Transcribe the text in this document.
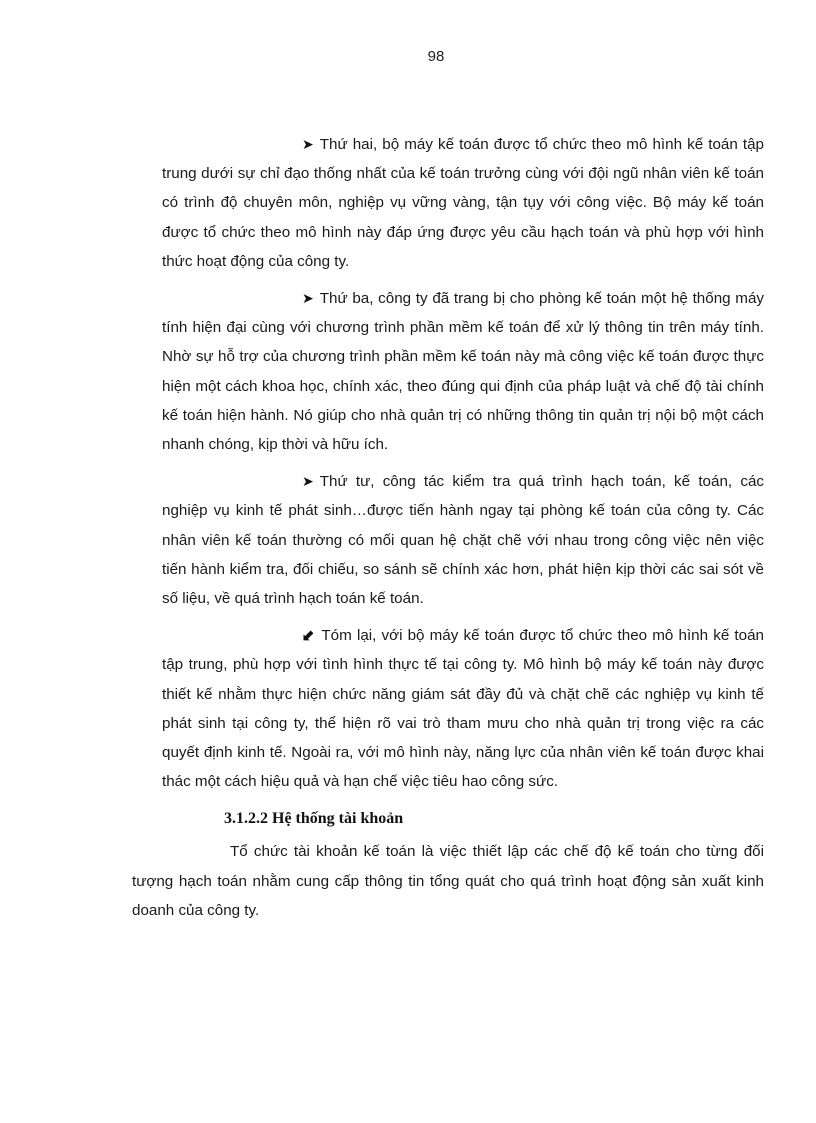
98

➤ Thứ hai, bộ máy kế toán được tổ chức theo mô hình kế toán tập trung dưới sự chỉ đạo thống nhất của kế toán trưởng cùng với đội ngũ nhân viên kế toán có trình độ chuyên môn, nghiệp vụ vững vàng, tận tụy với công việc. Bộ máy kế toán được tổ chức theo mô hình này đáp ứng được yêu cầu hạch toán và phù hợp với hình thức hoạt động của công ty.

➤ Thứ ba, công ty đã trang bị cho phòng kế toán một hệ thống máy tính hiện đại cùng với chương trình phần mềm kế toán để xử lý thông tin trên máy tính. Nhờ sự hỗ trợ của chương trình phần mềm kế toán này mà công việc kế toán được thực hiện một cách khoa học, chính xác, theo đúng qui định của pháp luật và chế độ tài chính kế toán hiện hành. Nó giúp cho nhà quản trị có những thông tin quản trị nội bộ một cách nhanh chóng, kịp thời và hữu ích.

➤ Thứ tư, công tác kiểm tra quá trình hạch toán, kế toán, các nghiệp vụ kinh tế phát sinh…được tiến hành ngay tại phòng kế toán của công ty. Các nhân viên kế toán thường có mối quan hệ chặt chẽ với nhau trong công việc nên việc tiến hành kiểm tra, đối chiếu, so sánh sẽ chính xác hơn, phát hiện kịp thời các sai sót về số liệu, về quá trình hạch toán kế toán.

⬋ Tóm lại, với bộ máy kế toán được tổ chức theo mô hình kế toán tập trung, phù hợp với tình hình thực tế tại công ty. Mô hình bộ máy kế toán này được thiết kế nhằm thực hiện chức năng giám sát đầy đủ và chặt chẽ các nghiệp vụ kinh tế phát sinh tại công ty, thể hiện rõ vai trò tham mưu cho nhà quản trị trong việc ra các quyết định kinh tế. Ngoài ra, với mô hình này, năng lực của nhân viên kế toán được khai thác một cách hiệu quả và hạn chế việc tiêu hao công sức.

3.1.2.2 Hệ thống tài khoản

Tổ chức tài khoản kế toán là việc thiết lập các chế độ kế toán cho từng đối tượng hạch toán nhằm cung cấp thông tin tổng quát cho quá trình hoạt động sản xuất kinh doanh của công ty.
